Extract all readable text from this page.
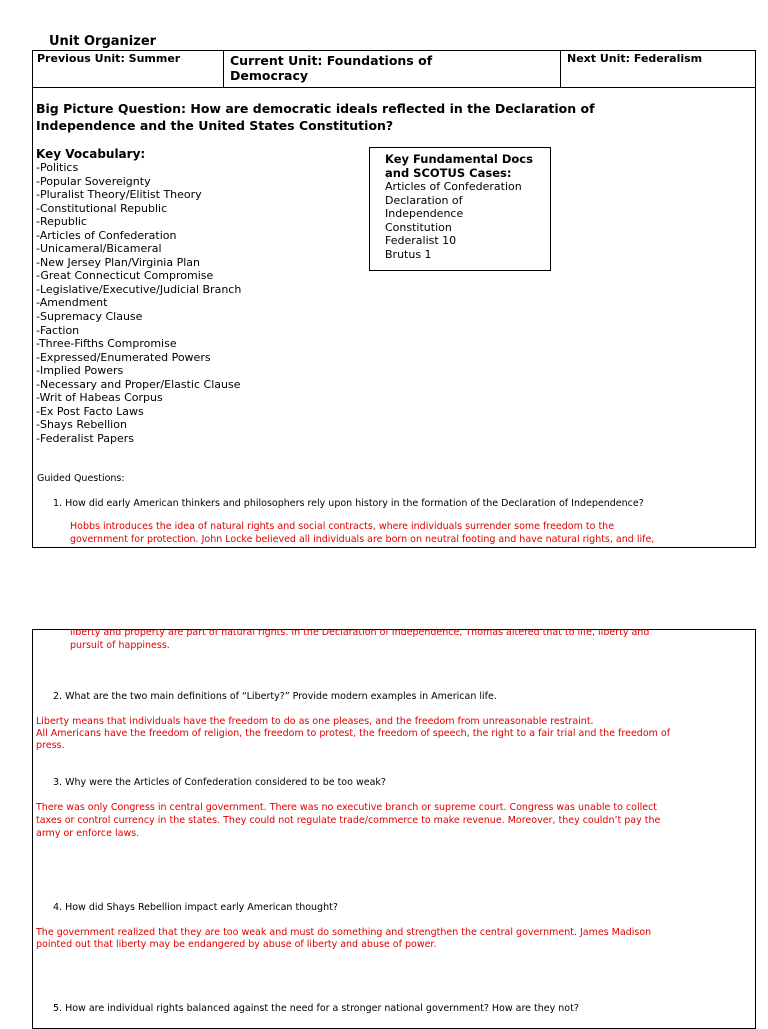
Unit Organizer
Previous Unit: Summer	Current Unit: Foundations of
Democracy
Next Unit: Federalism
Big Picture Question: How are democratic ideals reflected in the Declaration of
Independence and the United States Constitution?
Key Vocabulary:
-Politics
-Popular Sovereignty
-Pluralist Theory/Elitist Theory
-Constitutional Republic
-Republic
-Articles of Confederation
-Unicameral/Bicameral
-New Jersey Plan/Virginia Plan
-Great Connecticut Compromise
-Legislative/Executive/Judicial Branch
-Amendment
-Supremacy Clause
-Faction
-Three-Fifths Compromise
-Expressed/Enumerated Powers
-Implied Powers
-Necessary and Proper/Elastic Clause
-Writ of Habeas Corpus
-Ex Post Facto Laws
-Shays Rebellion
-Federalist Papers
Key Fundamental Docs
and SCOTUS Cases:
Articles of Confederation
Declaration of
Independence
Constitution
Federalist 10
Brutus 1
Guided Questions:
1. How did early American thinkers and philosophers rely upon history in the formation of the Declaration of Independence?
Hobbs introduces the idea of natural rights and social contracts, where individuals surrender some freedom to the
government for protection. John Locke believed all individuals are born on neutral footing and have natural rights, and life,
liberty and property are part of natural rights. In the Declaration of Independence, Thomas altered that to life, liberty and
pursuit of happiness.
2. What are the two main definitions of “Liberty?” Provide modern examples in American life.
Liberty means that individuals have the freedom to do as one pleases, and the freedom from unreasonable restraint.
All Americans have the freedom of religion, the freedom to protest, the freedom of speech, the right to a fair trial and the freedom of
press.
3. Why were the Articles of Confederation considered to be too weak?
There was only Congress in central government. There was no executive branch or supreme court. Congress was unable to collect
taxes or control currency in the states. They could not regulate trade/commerce to make revenue. Moreover, they couldn’t pay the
army or enforce laws.
4. How did Shays Rebellion impact early American thought?
The government realized that they are too weak and must do something and strengthen the central government. James Madison
pointed out that liberty may be endangered by abuse of liberty and abuse of power.
5. How are individual rights balanced against the need for a stronger national government? How are they not?
